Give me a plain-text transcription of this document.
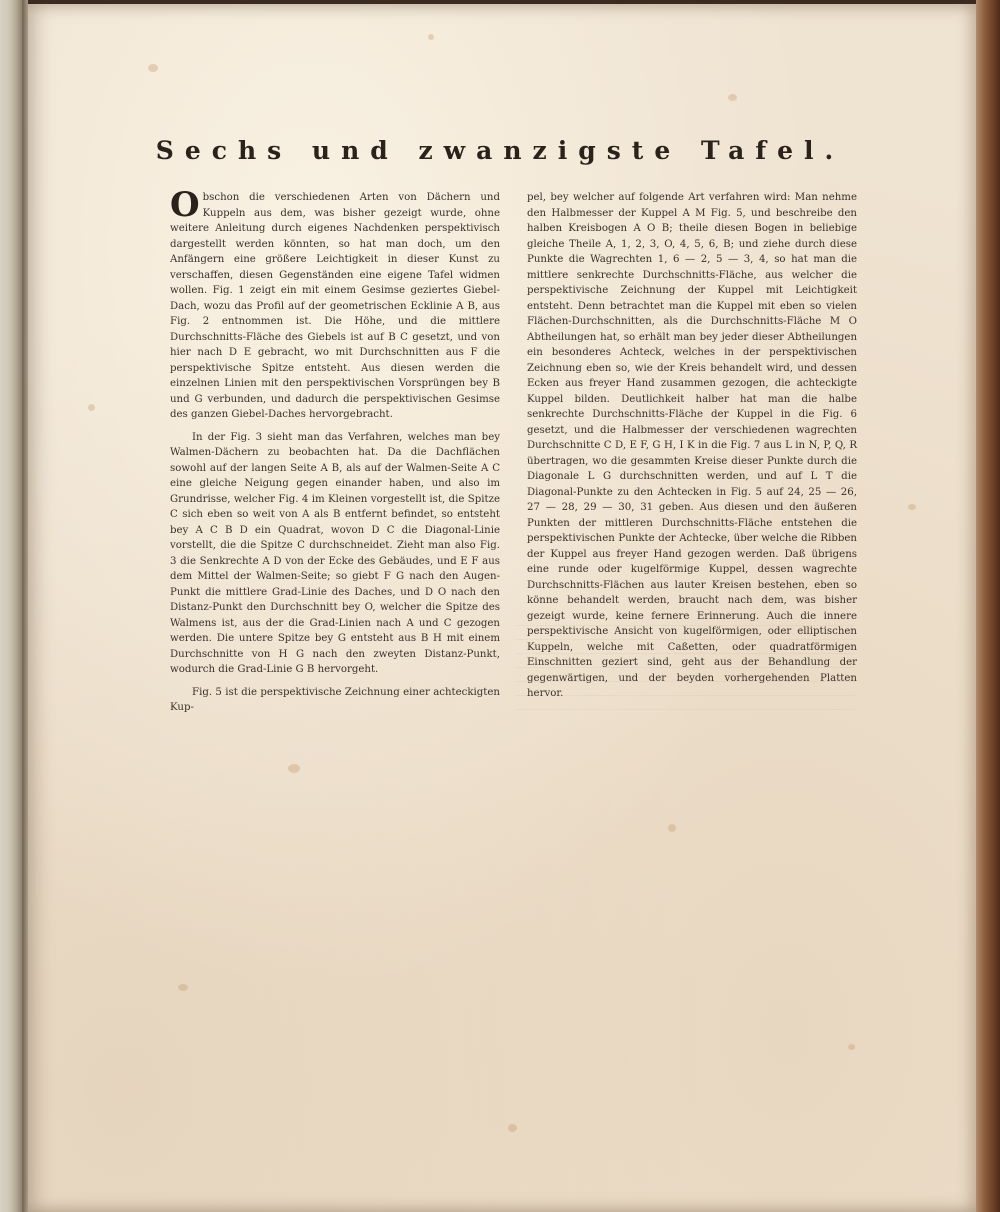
Sechs und zwanzigste Tafel.

Obschon die verschiedenen Arten von Dächern und Kuppeln aus dem, was bisher gezeigt wurde, ohne weitere Anleitung durch eigenes Nachdenken perspektivisch dargestellt werden könnten, so hat man doch, um den Anfängern eine größere Leichtigkeit in dieser Kunst zu verschaffen, diesen Gegenständen eine eigene Tafel widmen wollen. Fig. 1 zeigt ein mit einem Gesimse geziertes Giebel-Dach, wozu das Profil auf der geometrischen Ecklinie A B, aus Fig. 2 entnommen ist. Die Höhe, und die mittlere Durchschnitts-Fläche des Giebels ist auf B C gesetzt, und von hier nach D E gebracht, wo mit Durchschnitten aus F die perspektivische Spitze entsteht. Aus diesen werden die einzelnen Linien mit den perspektivischen Vorsprüngen bey B und G verbunden, und dadurch die perspektivischen Gesimse des ganzen Giebel-Daches hervorgebracht.

In der Fig. 3 sieht man das Verfahren, welches man bey Walmen-Dächern zu beobachten hat. Da die Dachflächen sowohl auf der langen Seite A B, als auf der Walmen-Seite A C eine gleiche Neigung gegen einander haben, und also im Grundrisse, welcher Fig. 4 im Kleinen vorgestellt ist, die Spitze C sich eben so weit von A als B entfernt befindet, so entsteht bey A C B D ein Quadrat, wovon D C die Diagonal-Linie vorstellt, die die Spitze C durchschneidet. Zieht man also Fig. 3 die Senkrechte A D von der Ecke des Gebäudes, und E F aus dem Mittel der Walmen-Seite; so giebt F G nach den Augen-Punkt die mittlere Grad-Linie des Daches, und D O nach den Distanz-Punkt den Durchschnitt bey O, welcher die Spitze des Walmens ist, aus der die Grad-Linien nach A und C gezogen werden. Die untere Spitze bey G entsteht aus B H mit einem Durchschnitte von H G nach den zweyten Distanz-Punkt, wodurch die Grad-Linie G B hervorgeht.

Fig. 5 ist die perspektivische Zeichnung einer achteckigten Kup-

pel, bey welcher auf folgende Art verfahren wird: Man nehme den Halbmesser der Kuppel A M Fig. 5, und beschreibe den halben Kreisbogen A O B; theile diesen Bogen in beliebige gleiche Theile A, 1, 2, 3, O, 4, 5, 6, B; und ziehe durch diese Punkte die Wagrechten 1, 6 — 2, 5 — 3, 4, so hat man die mittlere senkrechte Durchschnitts-Fläche, aus welcher die perspektivische Zeichnung der Kuppel mit Leichtigkeit entsteht. Denn betrachtet man die Kuppel mit eben so vielen Flächen-Durchschnitten, als die Durchschnitts-Fläche M O Abtheilungen hat, so erhält man bey jeder dieser Abtheilungen ein besonderes Achteck, welches in der perspektivischen Zeichnung eben so, wie der Kreis behandelt wird, und dessen Ecken aus freyer Hand zusammen gezogen, die achteckigte Kuppel bilden. Deutlichkeit halber hat man die halbe senkrechte Durchschnitts-Fläche der Kuppel in die Fig. 6 gesetzt, und die Halbmesser der verschiedenen wagrechten Durchschnitte C D, E F, G H, I K in die Fig. 7 aus L in N, P, Q, R übertragen, wo die gesammten Kreise dieser Punkte durch die Diagonale L G durchschnitten werden, und auf L T die Diagonal-Punkte zu den Achtecken in Fig. 5 auf 24, 25 — 26, 27 — 28, 29 — 30, 31 geben. Aus diesen und den äußeren Punkten der mittleren Durchschnitts-Fläche entstehen die perspektivischen Punkte der Achtecke, über welche die Ribben der Kuppel aus freyer Hand gezogen werden. Daß übrigens eine runde oder kugelförmige Kuppel, dessen wagrechte Durchschnitts-Flächen aus lauter Kreisen bestehen, eben so könne behandelt werden, braucht nach dem, was bisher gezeigt wurde, keine fernere Erinnerung. Auch die innere perspektivische Ansicht von kugelförmigen, oder elliptischen Kuppeln, welche mit Caßetten, oder quadratförmigen Einschnitten geziert sind, geht aus der Behandlung der gegenwärtigen, und der beyden vorhergehenden Platten hervor.
